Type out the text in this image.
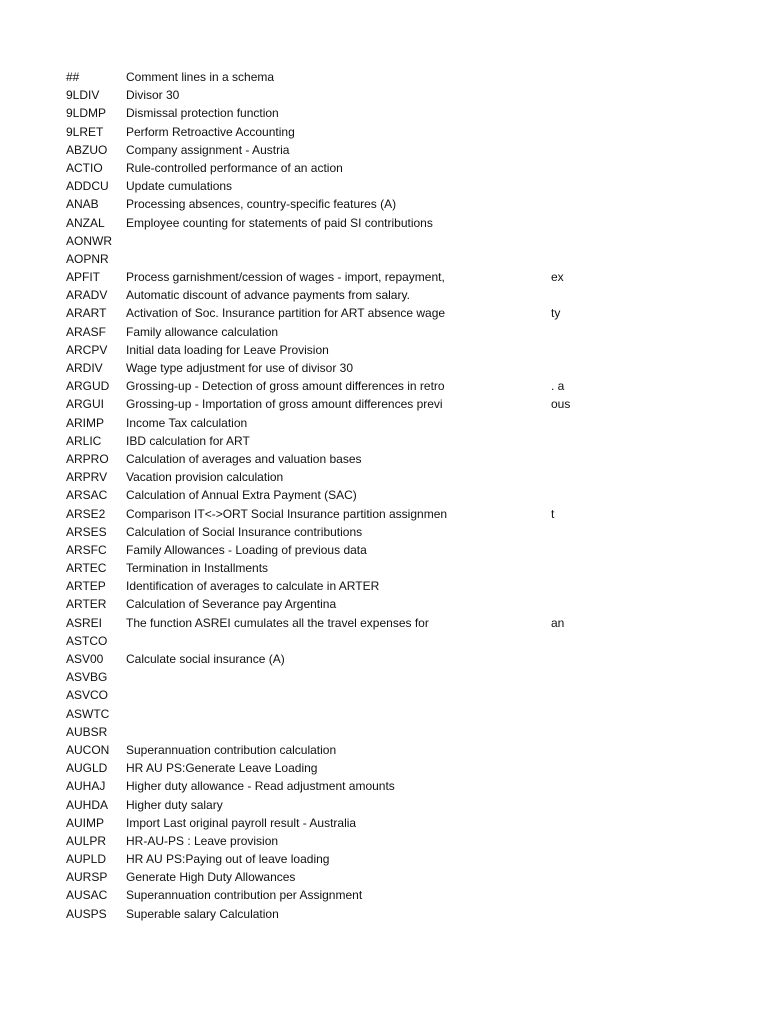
##	Comment lines in a schema
9LDIV Divisor 30
9LDMP Dismissal protection function
9LRET Perform Retroactive Accounting
ABZUO Company assignment - Austria
ACTIO Rule-controlled performance of an action
ADDCU Update cumulations
ANAB Processing absences, country-specific features (A)
ANZAL Employee counting for statements of paid SI contributions
AONWR
AOPNR
APFIT Process garnishment/cession of wages - import, repayment,	ex
ARADV Automatic discount of advance payments from salary.
ARART Activation of Soc. Insurance partition for ART absence wage	ty
ARASF Family allowance calculation
ARCPV Initial data loading for Leave Provision
ARDIV Wage type adjustment for use of divisor 30
ARGUD Grossing-up - Detection of gross amount differences in retro	. a
ARGUI Grossing-up - Importation of gross amount differences previ	ous
ARIMP Income Tax calculation
ARLIC IBD calculation for ART
ARPRO Calculation of averages and valuation bases
ARPRV Vacation provision calculation
ARSAC Calculation of Annual Extra Payment (SAC)
ARSE2 Comparison IT<->ORT Social Insurance partition assignmen	t
ARSES Calculation of Social Insurance contributions
ARSFC Family Allowances - Loading of previous data
ARTEC Termination in Installments
ARTEP Identification of averages to calculate in ARTER
ARTER Calculation of Severance pay Argentina
ASREI The function ASREI cumulates all the travel expenses for	an
ASTCO
ASV00 Calculate social insurance (A)
ASVBG
ASVCO
ASWTC
AUBSR
AUCON Superannuation contribution calculation
AUGLD HR AU PS:Generate Leave Loading
AUHAJ Higher duty allowance - Read adjustment amounts
AUHDA Higher duty salary
AUIMP Import Last original payroll result - Australia
AULPR HR-AU-PS : Leave provision
AUPLD HR AU PS:Paying out of leave loading
AURSP Generate High Duty Allowances
AUSAC Superannuation contribution per Assignment
AUSPS Superable salary Calculation
